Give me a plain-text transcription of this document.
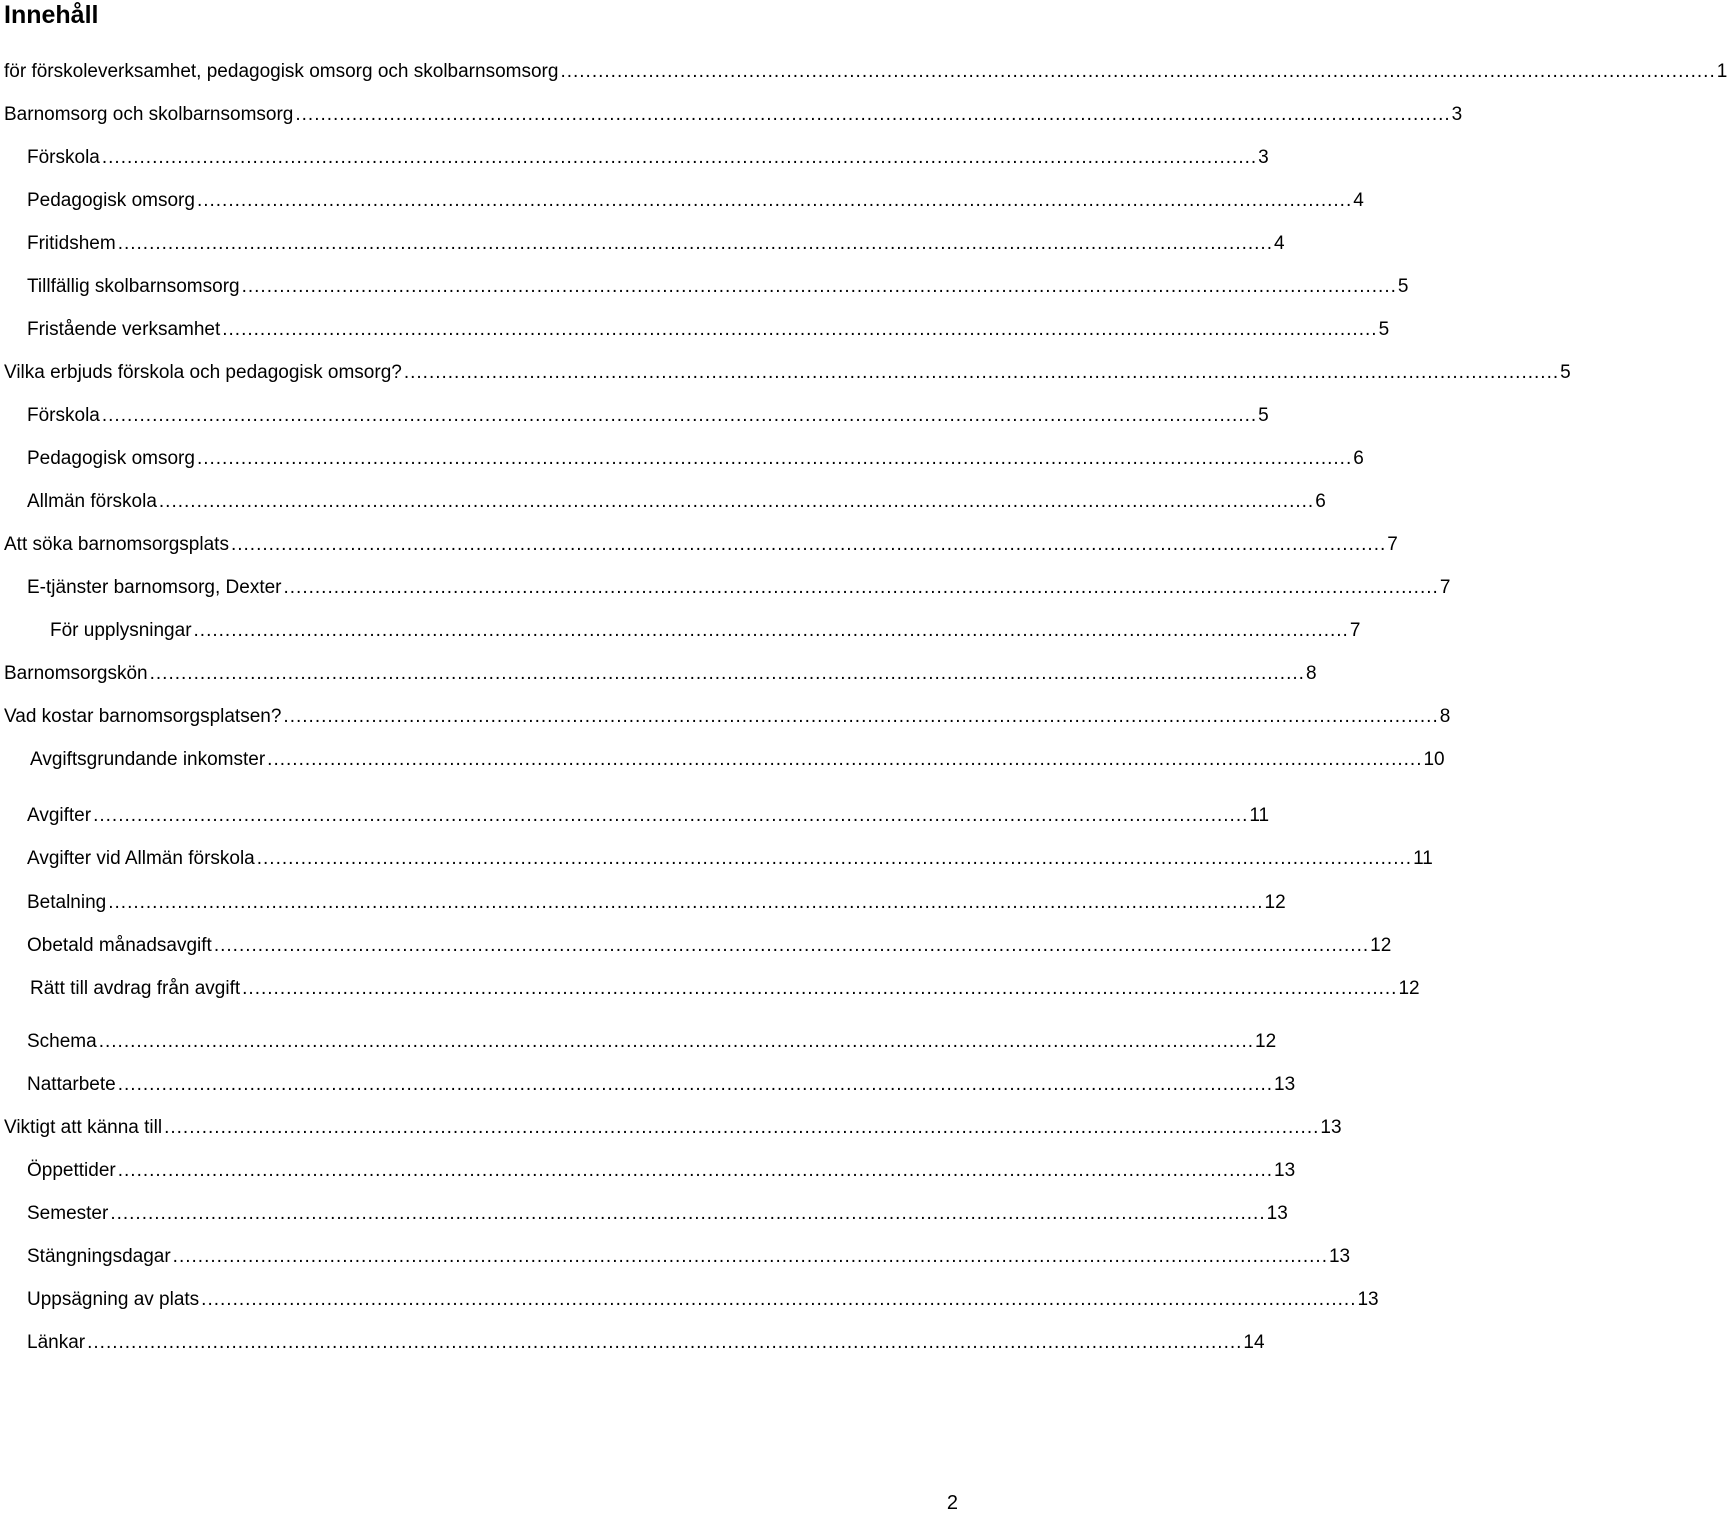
Innehåll
för förskoleverksamhet, pedagogisk omsorg och skolbarnsomsorg ........................................................................................................................................................................................ 1
Barnomsorg och skolbarnsomsorg ........................................................................................................................................................................................ 3
Förskola ........................................................................................................................................................................................ 3
Pedagogisk omsorg ........................................................................................................................................................................................ 4
Fritidshem ........................................................................................................................................................................................ 4
Tillfällig skolbarnsomsorg ........................................................................................................................................................................................ 5
Fristående verksamhet ........................................................................................................................................................................................ 5
Vilka erbjuds förskola och pedagogisk omsorg? ........................................................................................................................................................................................ 5
Förskola ........................................................................................................................................................................................ 5
Pedagogisk omsorg ........................................................................................................................................................................................ 6
Allmän förskola ........................................................................................................................................................................................ 6
Att söka barnomsorgsplats ........................................................................................................................................................................................ 7
E-tjänster barnomsorg, Dexter ........................................................................................................................................................................................ 7
För upplysningar ........................................................................................................................................................................................ 7
Barnomsorgskön ........................................................................................................................................................................................ 8
Vad kostar barnomsorgsplatsen? ........................................................................................................................................................................................ 8
Avgiftsgrundande inkomster ........................................................................................................................................................................................ 10
Avgifter ........................................................................................................................................................................................ 11
Avgifter vid Allmän förskola ........................................................................................................................................................................................ 11
Betalning ........................................................................................................................................................................................ 12
Obetald månadsavgift ........................................................................................................................................................................................ 12
Rätt till avdrag från avgift ........................................................................................................................................................................................ 12
Schema ........................................................................................................................................................................................ 12
Nattarbete ........................................................................................................................................................................................ 13
Viktigt att känna till ........................................................................................................................................................................................ 13
Öppettider ........................................................................................................................................................................................ 13
Semester ........................................................................................................................................................................................ 13
Stängningsdagar ........................................................................................................................................................................................ 13
Uppsägning av plats ........................................................................................................................................................................................ 13
Länkar ........................................................................................................................................................................................ 14
2
